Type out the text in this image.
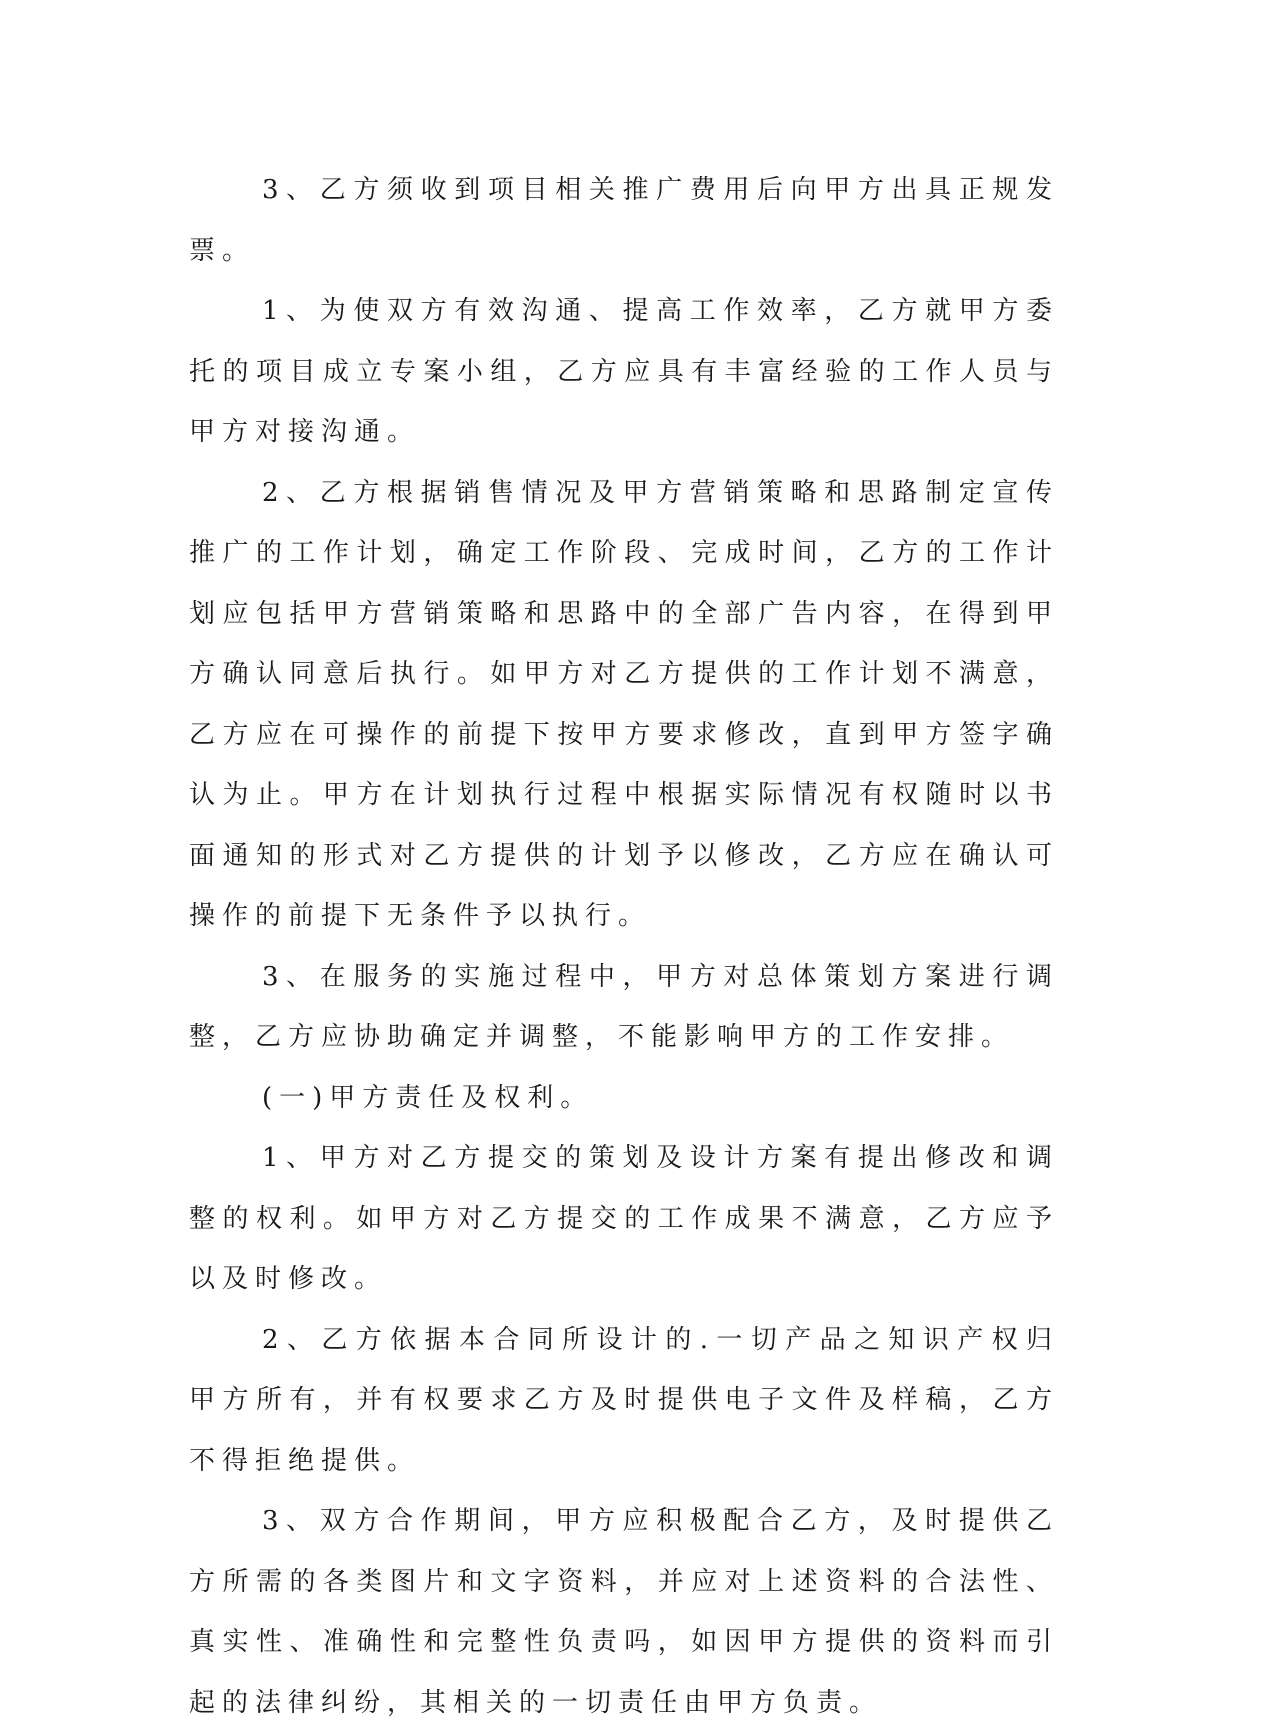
3、乙方须收到项目相关推广费用后向甲方出具正规发票。

1、为使双方有效沟通、提高工作效率，乙方就甲方委托的项目成立专案小组，乙方应具有丰富经验的工作人员与甲方对接沟通。

2、乙方根据销售情况及甲方营销策略和思路制定宣传推广的工作计划，确定工作阶段、完成时间，乙方的工作计划应包括甲方营销策略和思路中的全部广告内容，在得到甲方确认同意后执行。如甲方对乙方提供的工作计划不满意，乙方应在可操作的前提下按甲方要求修改，直到甲方签字确认为止。甲方在计划执行过程中根据实际情况有权随时以书面通知的形式对乙方提供的计划予以修改，乙方应在确认可操作的前提下无条件予以执行。

3、在服务的实施过程中，甲方对总体策划方案进行调整，乙方应协助确定并调整，不能影响甲方的工作安排。

(一)甲方责任及权利。

1、甲方对乙方提交的策划及设计方案有提出修改和调整的权利。如甲方对乙方提交的工作成果不满意，乙方应予以及时修改。

2、乙方依据本合同所设计的.一切产品之知识产权归甲方所有，并有权要求乙方及时提供电子文件及样稿，乙方不得拒绝提供。

3、双方合作期间，甲方应积极配合乙方，及时提供乙方所需的各类图片和文字资料，并应对上述资料的合法性、真实性、准确性和完整性负责吗，如因甲方提供的资料而引起的法律纠纷，其相关的一切责任由甲方负责。
